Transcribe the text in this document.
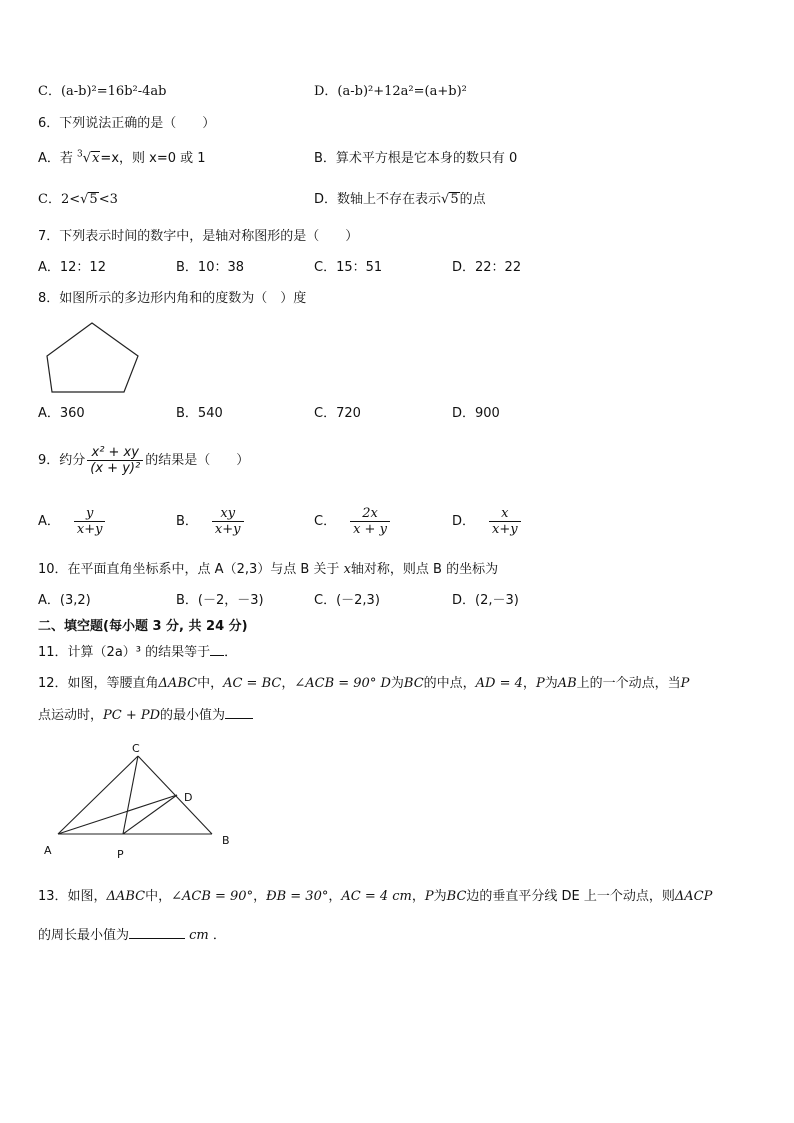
C．(a-b)²=16b²-4ab	D．(a-b)²+12a²=(a+b)²
6．下列说法正确的是（　　）
A．若 $^3$√x=x，则 x=0 或 1	B．算术平方根是它本身的数只有 0
C．2<√5<3	D．数轴上不存在表示√5的点
7．下列表示时间的数字中，是轴对称图形的是（　　）
A．12：12	B．10：38	C．15：51	D．22：22
8．如图所示的多边形内角和的度数为（　）度
A．360	B．540	C．720	D．900
9．约分 $\frac{\text{x² + xy}}{\text{(x + y)²}}$ 的结果是（　　）
A． $\frac{y}{x+y}$	B． $\frac{xy}{x+y}$	C． $\frac{2x}{x + y}$	D． $\frac{x}{x+y}$
10．在平面直角坐标系中，点 A（2,3）与点 B 关于 x轴对称，则点 B 的坐标为
A．(3,2)	B．(－2，－3)	C．(－2,3)	D．(2,－3)
二、填空题(每小题 3 分, 共 24 分)
11．计算（2a）³ 的结果等于 ．
12．如图，等腰直角ΔABC中，AC = BC，∠ACB = 90° D为BC的中点，AD = 4，P为AB上的一个动点，当P
点运动时，PC + PD的最小值为
C
D
A	P
B
13．如图，ΔABC中，∠ACB = 90°，ÐB = 30°，AC = 4 cm，P为BC边的垂直平分线 DE 上一个动点，则ΔACP
的周长最小值为	cm ．
